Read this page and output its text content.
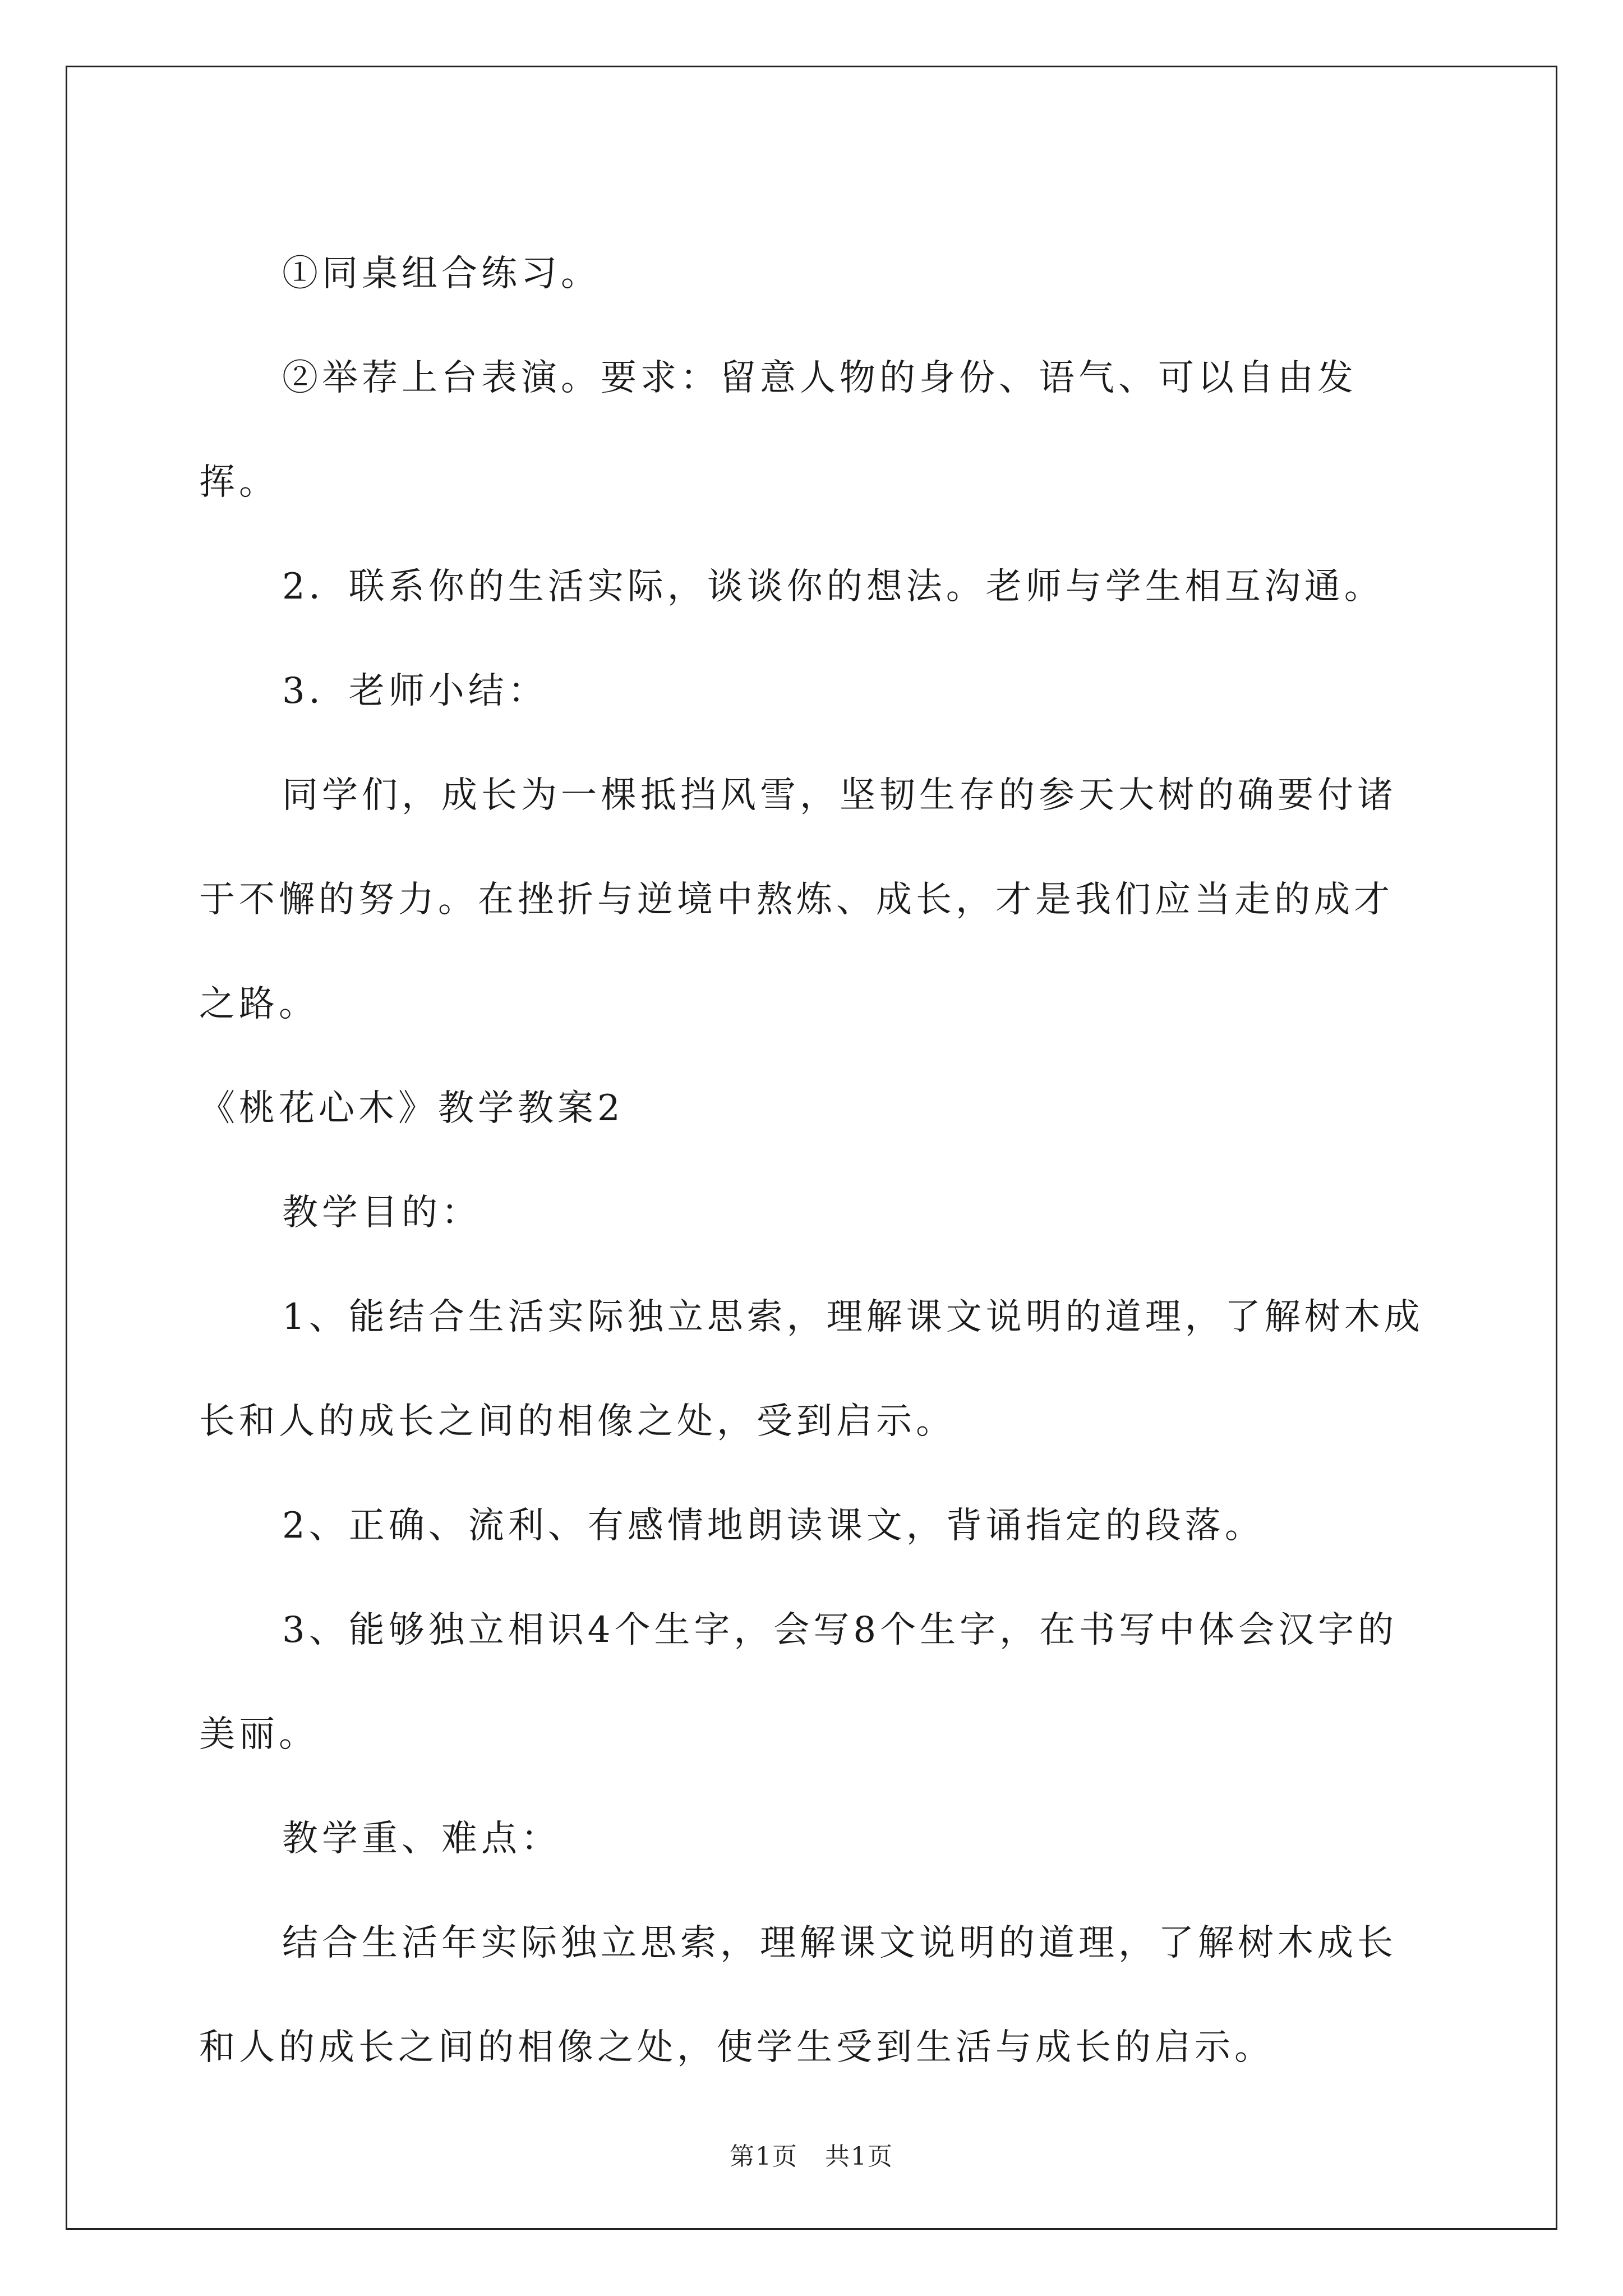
①同桌组合练习。

②举荐上台表演。要求：留意人物的身份、语气、可以自由发挥。

2．联系你的生活实际，谈谈你的想法。老师与学生相互沟通。

3．老师小结：

同学们，成长为一棵抵挡风雪，坚韧生存的参天大树的确要付诸于不懈的努力。在挫折与逆境中熬炼、成长，才是我们应当走的成才之路。

《桃花心木》教学教案2

教学目的：

1、能结合生活实际独立思索，理解课文说明的道理，了解树木成长和人的成长之间的相像之处，受到启示。

2、正确、流利、有感情地朗读课文，背诵指定的段落。

3、能够独立相识4个生字，会写8个生字，在书写中体会汉字的美丽。

教学重、难点：

结合生活年实际独立思索，理解课文说明的道理，了解树木成长和人的成长之间的相像之处，使学生受到生活与成长的启示。

第1页 共1页
